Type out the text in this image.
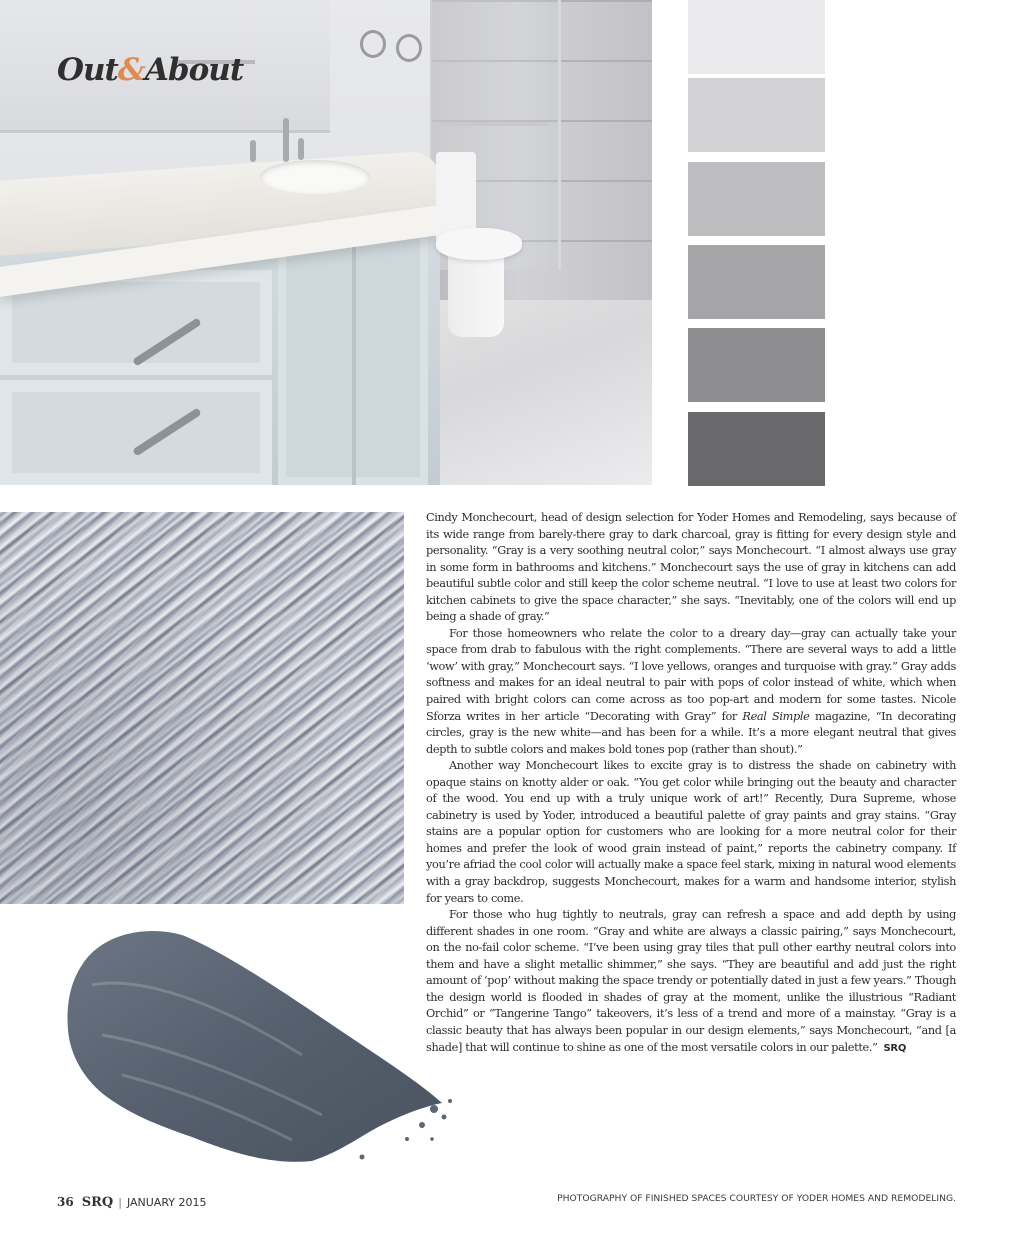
Out&About

Cindy Monchecourt, head of design selection for Yoder Homes and Remodeling, says because of its wide range from barely-there gray to dark charcoal, gray is fitting for every design style and personality. “Gray is a very soothing neutral color,” says Monchecourt. “I almost always use gray in some form in bathrooms and kitchens.” Monchecourt says the use of gray in kitchens can add beautiful subtle color and still keep the color scheme neutral. “I love to use at least two colors for kitchen cabinets to give the space character,” she says. “Inevitably, one of the colors will end up being a shade of gray.”

For those homeowners who relate the color to a dreary day—gray can actually take your space from drab to fabulous with the right complements. “There are several ways to add a little ‘wow’ with gray,” Monchecourt says. “I love yellows, oranges and turquoise with gray.” Gray adds softness and makes for an ideal neutral to pair with pops of color instead of white, which when paired with bright colors can come across as too pop-art and modern for some tastes. Nicole Sforza writes in her article “Decorating with Gray” for Real Simple magazine, “In decorating circles, gray is the new white—and has been for a while. It’s a more elegant neutral that gives depth to subtle colors and makes bold tones pop (rather than shout).”

Another way Monchecourt likes to excite gray is to distress the shade on cabinetry with opaque stains on knotty alder or oak. “You get color while bringing out the beauty and character of the wood. You end up with a truly unique work of art!” Recently, Dura Supreme, whose cabinetry is used by Yoder, introduced a beautiful palette of gray paints and gray stains. “Gray stains are a popular option for customers who are looking for a more neutral color for their homes and prefer the look of wood grain instead of paint,” reports the cabinetry company. If you’re afriad the cool color will actually make a space feel stark, mixing in natural wood elements with a gray backdrop, suggests Monchecourt, makes for a warm and handsome interior, stylish for years to come.

For those who hug tightly to neutrals, gray can refresh a space and add depth by using different shades in one room. “Gray and white are always a classic pairing,” says Monchecourt, on the no-fail color scheme. “I’ve been using gray tiles that pull other earthy neutral colors into them and have a slight metallic shimmer,” she says. “They are beautiful and add just the right amount of ‘pop’ without making the space trendy or potentially dated in just a few years.” Though the design world is flooded in shades of gray at the moment, unlike the illustrious “Radiant Orchid” or “Tangerine Tango” takeovers, it’s less of a trend and more of a mainstay. “Gray is a classic beauty that has always been popular in our design elements,” says Monchecourt, “and [a shade] that will continue to shine as one of the most versatile colors in our palette.” SRQ

36 SRQ | JANUARY 2015	PHOTOGRAPHY OF FINISHED SPACES COURTESY OF YODER HOMES AND REMODELING.
